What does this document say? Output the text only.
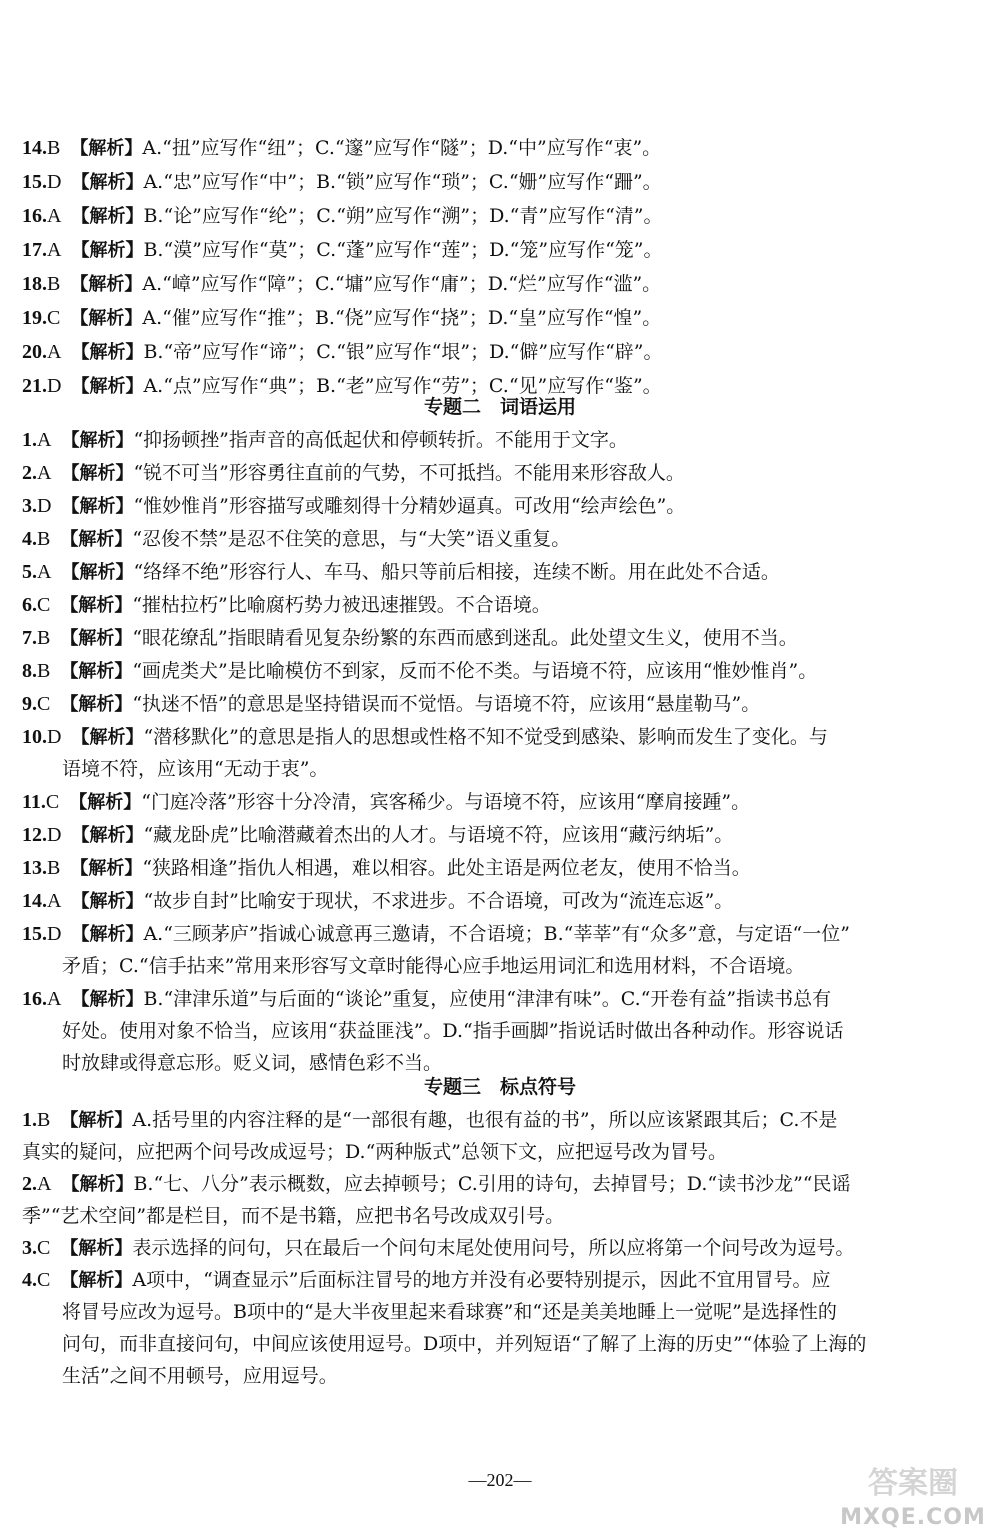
14.B 【解析】A.“扭”应写作“纽”；C.“邃”应写作“隧”；D.“中”应写作“衷”。
15.D 【解析】A.“忠”应写作“中”；B.“锁”应写作“琐”；C.“姗”应写作“跚”。
16.A 【解析】B.“论”应写作“纶”；C.“朔”应写作“溯”；D.“青”应写作“清”。
17.A 【解析】B.“漠”应写作“莫”；C.“蓬”应写作“莲”；D.“笼”应写作“笼”。
18.B 【解析】A.“嶂”应写作“障”；C.“墉”应写作“庸”；D.“烂”应写作“滥”。
19.C 【解析】A.“催”应写作“推”；B.“侥”应写作“挠”；D.“皇”应写作“惶”。
20.A 【解析】B.“帝”应写作“谛”；C.“银”应写作“垠”；D.“僻”应写作“辟”。
21.D 【解析】A.“点”应写作“典”；B.“老”应写作“劳”；C.“见”应写作“鉴”。
专题二　词语运用
1.A 【解析】“抑扬顿挫”指声音的高低起伏和停顿转折。不能用于文字。
2.A 【解析】“锐不可当”形容勇往直前的气势，不可抵挡。不能用来形容敌人。
3.D 【解析】“惟妙惟肖”形容描写或雕刻得十分精妙逼真。可改用“绘声绘色”。
4.B 【解析】“忍俊不禁”是忍不住笑的意思，与“大笑”语义重复。
5.A 【解析】“络绎不绝”形容行人、车马、船只等前后相接，连续不断。用在此处不合适。
6.C 【解析】“摧枯拉朽”比喻腐朽势力被迅速摧毁。不合语境。
7.B 【解析】“眼花缭乱”指眼睛看见复杂纷繁的东西而感到迷乱。此处望文生义，使用不当。
8.B 【解析】“画虎类犬”是比喻模仿不到家，反而不伦不类。与语境不符，应该用“惟妙惟肖”。
9.C 【解析】“执迷不悟”的意思是坚持错误而不觉悟。与语境不符，应该用“悬崖勒马”。
10.D 【解析】“潜移默化”的意思是指人的思想或性格不知不觉受到感染、影响而发生了变化。与
语境不符，应该用“无动于衷”。
11.C 【解析】“门庭冷落”形容十分冷清，宾客稀少。与语境不符，应该用“摩肩接踵”。
12.D 【解析】“藏龙卧虎”比喻潜藏着杰出的人才。与语境不符，应该用“藏污纳垢”。
13.B 【解析】“狭路相逢”指仇人相遇，难以相容。此处主语是两位老友，使用不恰当。
14.A 【解析】“故步自封”比喻安于现状，不求进步。不合语境，可改为“流连忘返”。
15.D 【解析】A.“三顾茅庐”指诚心诚意再三邀请，不合语境；B.“莘莘”有“众多”意，与定语“一位”
矛盾；C.“信手拈来”常用来形容写文章时能得心应手地运用词汇和选用材料，不合语境。
16.A 【解析】B.“津津乐道”与后面的“谈论”重复，应使用“津津有味”。C.“开卷有益”指读书总有
好处。使用对象不恰当，应该用“获益匪浅”。D.“指手画脚”指说话时做出各种动作。形容说话
时放肆或得意忘形。贬义词，感情色彩不当。
专题三　标点符号
1.B 【解析】A.括号里的内容注释的是“一部很有趣，也很有益的书”，所以应该紧跟其后；C.不是
真实的疑问，应把两个问号改成逗号；D.“两种版式”总领下文，应把逗号改为冒号。
2.A 【解析】B.“七、八分”表示概数，应去掉顿号；C.引用的诗句，去掉冒号；D.“读书沙龙”“民谣
季”“艺术空间”都是栏目，而不是书籍，应把书名号改成双引号。
3.C 【解析】表示选择的问句，只在最后一个问句末尾处使用问号，所以应将第一个问号改为逗号。
4.C 【解析】A项中，“调查显示”后面标注冒号的地方并没有必要特别提示，因此不宜用冒号。应
将冒号应改为逗号。B项中的“是大半夜里起来看球赛”和“还是美美地睡上一觉呢”是选择性的
问句，而非直接问句，中间应该使用逗号。D项中，并列短语“了解了上海的历史”“体验了上海的
生活”之间不用顿号，应用逗号。
—202—	答案圈
MXQE.COM
